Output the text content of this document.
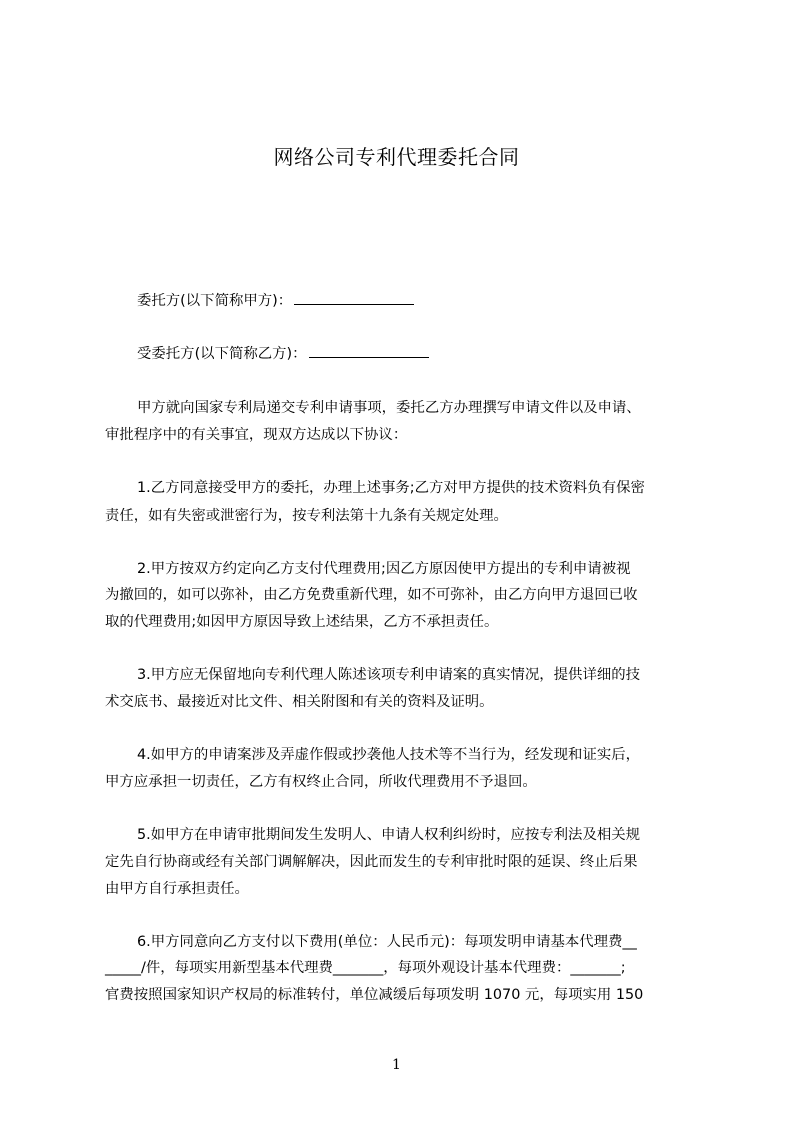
网络公司专利代理委托合同
委托方(以下简称甲方)：
受委托方(以下简称乙方)：
甲方就向国家专利局递交专利申请事项，委托乙方办理撰写申请文件以及申请、
审批程序中的有关事宜，现双方达成以下协议：
1.乙方同意接受甲方的委托，办理上述事务;乙方对甲方提供的技术资料负有保密
责任，如有失密或泄密行为，按专利法第十九条有关规定处理。
2.甲方按双方约定向乙方支付代理费用;因乙方原因使甲方提出的专利申请被视
为撤回的，如可以弥补，由乙方免费重新代理，如不可弥补，由乙方向甲方退回已收
取的代理费用;如因甲方原因导致上述结果，乙方不承担责任。
3.甲方应无保留地向专利代理人陈述该项专利申请案的真实情况，提供详细的技
术交底书、最接近对比文件、相关附图和有关的资料及证明。
4.如甲方的申请案涉及弄虚作假或抄袭他人技术等不当行为，经发现和证实后，
甲方应承担一切责任，乙方有权终止合同，所收代理费用不予退回。
5.如甲方在申请审批期间发生发明人、申请人权利纠纷时，应按专利法及相关规
定先自行协商或经有关部门调解解决，因此而发生的专利审批时限的延误、终止后果
由甲方自行承担责任。
6.甲方同意向乙方支付以下费用(单位：人民币元)：每项发明申请基本代理费__
_____/件，每项实用新型基本代理费_______，每项外观设计基本代理费：_______;
官费按照国家知识产权局的标准转付，单位减缓后每项发明 1070 元，每项实用 150
1
